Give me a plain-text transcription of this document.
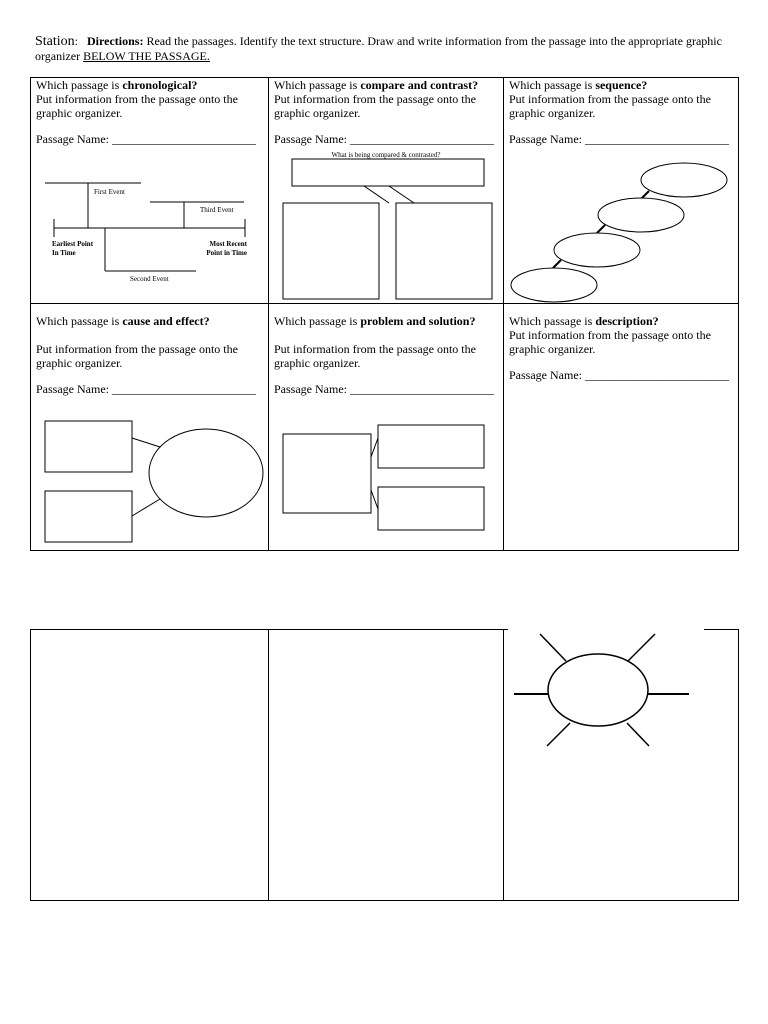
Station: Directions: Read the passages. Identify the text structure. Draw and write information from the passage into the appropriate graphic organizer BELOW THE PASSAGE.
Which passage is chronological?
Put information from the passage onto the
graphic organizer.
Passage Name: ________________________
First Event
Third Event
Second Event
Earliest Point
In Time
Most Recent
Point in Time
Which passage is compare and contrast?
Put information from the passage onto the
graphic organizer.
Passage Name: ________________________
What is being compared & contrasted?
Which passage is sequence?
Put information from the passage onto the
graphic organizer.
Passage Name: ________________________
Which passage is cause and effect?
Put information from the passage onto the
graphic organizer.
Passage Name: ________________________
Which passage is problem and solution?
Put information from the passage onto the
graphic organizer.
Passage Name: ________________________
Which passage is description?
Put information from the passage onto the
graphic organizer.
Passage Name: ________________________
